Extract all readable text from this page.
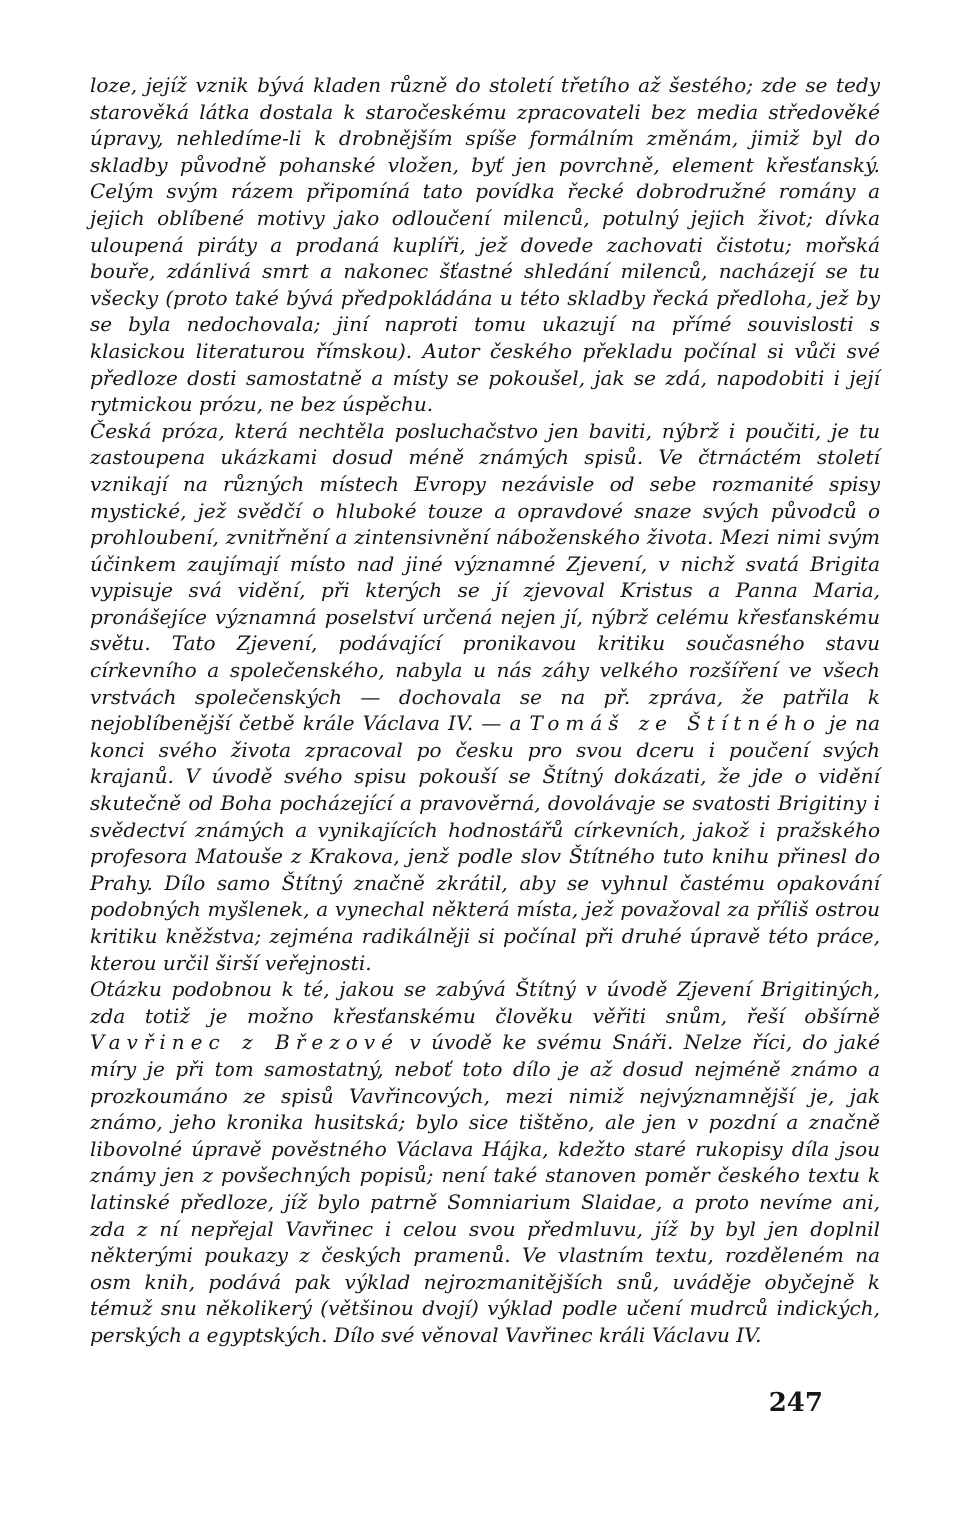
loze, jejíž vznik bývá kladen různě do století třetího až šestého; zde se tedy starověká látka dostala k staročeskému zpracovateli bez media středověké úpravy, nehledíme-li k drobnějším spíše formálním změnám, jimiž byl do skladby původně pohanské vložen, byť jen povrchně, element křesťanský. Celým svým rázem připomíná tato povídka řecké dobrodružné romány a jejich oblíbené motivy jako odloučení milenců, potulný jejich život; dívka uloupená piráty a prodaná kuplíři, jež dovede zachovati čistotu; mořská bouře, zdánlivá smrt a nakonec šťastné shledání milenců, nacházejí se tu všecky (proto také bývá předpokládána u této skladby řecká předloha, jež by se byla nedochovala; jiní naproti tomu ukazují na přímé souvislosti s klasickou literaturou římskou). Autor českého překladu počínal si vůči své předloze dosti samostatně a místy se pokoušel, jak se zdá, napodobiti i její rytmickou prózu, ne bez úspěchu.

Česká próza, která nechtěla posluchačstvo jen baviti, nýbrž i poučiti, je tu zastoupena ukázkami dosud méně známých spisů. Ve čtrnáctém století vznikají na různých místech Evropy nezávisle od sebe rozmanité spisy mystické, jež svědčí o hluboké touze a opravdové snaze svých původců o prohloubení, zvnitřnění a zintensivnění náboženského života. Mezi nimi svým účinkem zaujímají místo nad jiné významné Zjevení, v nichž svatá Brigita vypisuje svá vidění, při kterých se jí zjevoval Kristus a Panna Maria, pronášejíce významná poselství určená nejen jí, nýbrž celému křesťanskému světu. Tato Zjevení, podávající pronikavou kritiku současného stavu církevního a společenského, nabyla u nás záhy velkého rozšíření ve všech vrstvách společenských — dochovala se na př. zpráva, že patřila k nejoblíbenější četbě krále Václava IV. — a Tomáš ze Štítného je na konci svého života zpracoval po česku pro svou dceru i poučení svých krajanů. V úvodě svého spisu pokouší se Štítný dokázati, že jde o vidění skutečně od Boha pocházející a pravověrná, dovolávaje se svatosti Brigitiny i svědectví známých a vynikajících hodnostářů církevních, jakož i pražského profesora Matouše z Krakova, jenž podle slov Štítného tuto knihu přinesl do Prahy. Dílo samo Štítný značně zkrátil, aby se vyhnul častému opakování podobných myšlenek, a vynechal některá místa, jež považoval za příliš ostrou kritiku kněžstva; zejména radikálněji si počínal při druhé úpravě této práce, kterou určil širší veřejnosti.

Otázku podobnou k té, jakou se zabývá Štítný v úvodě Zjevení Brigitiných, zda totiž je možno křesťanskému člověku věřiti snům, řeší obšírně Vavřinec z Březové v úvodě ke svému Snáři. Nelze říci, do jaké míry je při tom samostatný, neboť toto dílo je až dosud nejméně známo a prozkoumáno ze spisů Vavřincových, mezi nimiž nejvýznamnější je, jak známo, jeho kronika husitská; bylo sice tištěno, ale jen v pozdní a značně libovolné úpravě pověstného Václava Hájka, kdežto staré rukopisy díla jsou známy jen z povšechných popisů; není také stanoven poměr českého textu k latinské předloze, jíž bylo patrně Somniarium Slaidae, a proto nevíme ani, zda z ní nepřejal Vavřinec i celou svou předmluvu, jíž by byl jen doplnil některými poukazy z českých pramenů. Ve vlastním textu, rozděleném na osm knih, podává pak výklad nejrozmanitějších snů, uváděje obyčejně k témuž snu několikerý (většinou dvojí) výklad podle učení mudrců indických, perských a egyptských. Dílo své věnoval Vavřinec králi Václavu IV.

247
